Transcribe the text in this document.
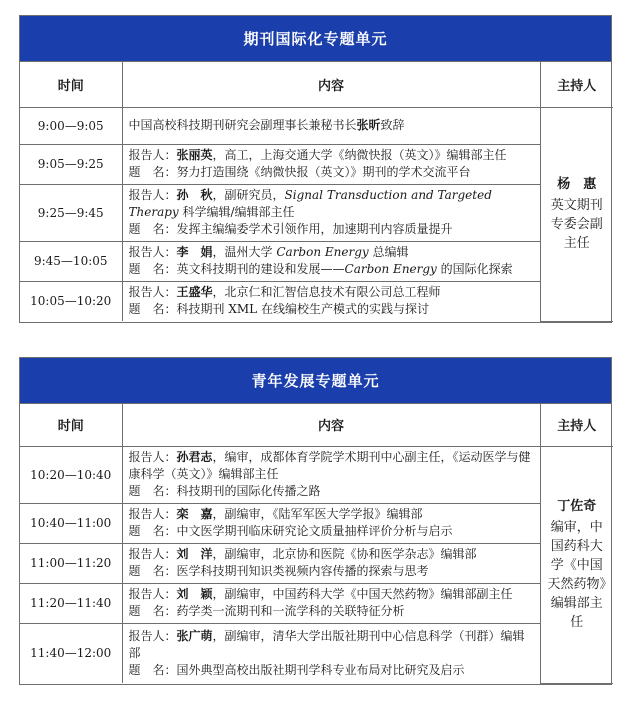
期刊国际化专题单元
时间	内容	主持人
9:00—9:05	中国高校科技期刊研究会副理事长兼秘书长张昕致辞	杨　惠
英文期刊专委会副主任

9:05—9:25	报告人：张丽英，高工，上海交通大学《纳微快报（英文）》编辑部主任
题　名：努力打造围绕《纳微快报（英文）》期刊的学术交流平台	

9:25—9:45	报告人：孙　秋，副研究员，Signal Transduction and Targeted Therapy 科学编辑/编辑部主任
题　名：发挥主编编委学术引领作用，加速期刊内容质量提升	

9:45—10:05	报告人：李　娟，温州大学 Carbon Energy 总编辑
题　名：英文科技期刊的建设和发展——Carbon Energy 的国际化探索	

10:05—10:20	报告人：王盛华，北京仁和汇智信息技术有限公司总工程师
题　名：科技期刊 XML 在线编校生产模式的实践与探讨	
青年发展专题单元
时间	内容	主持人
10:20—10:40	报告人：孙君志，编审，成都体育学院学术期刊中心副主任，《运动医学与健康科学（英文）》编辑部主任
题　名：科技期刊的国际化传播之路	丁佐奇
编审，中国药科大学《中国天然药物》编辑部主任

10:40—11:00	报告人：栾　嘉，副编审，《陆军军医大学学报》编辑部
题　名：中文医学期刊临床研究论文质量抽样评价分析与启示	

11:00—11:20	报告人：刘　洋，副编审，北京协和医院《协和医学杂志》编辑部
题　名：医学科技期刊知识类视频内容传播的探索与思考	

11:20—11:40	报告人：刘　颖，副编审，中国药科大学《中国天然药物》编辑部副主任
题　名：药学类一流期刊和一流学科的关联特征分析	

11:40—12:00	报告人：张广萌，副编审，清华大学出版社期刊中心信息科学（刊群）编辑部
题　名：国外典型高校出版社期刊学科专业布局对比研究及启示	
